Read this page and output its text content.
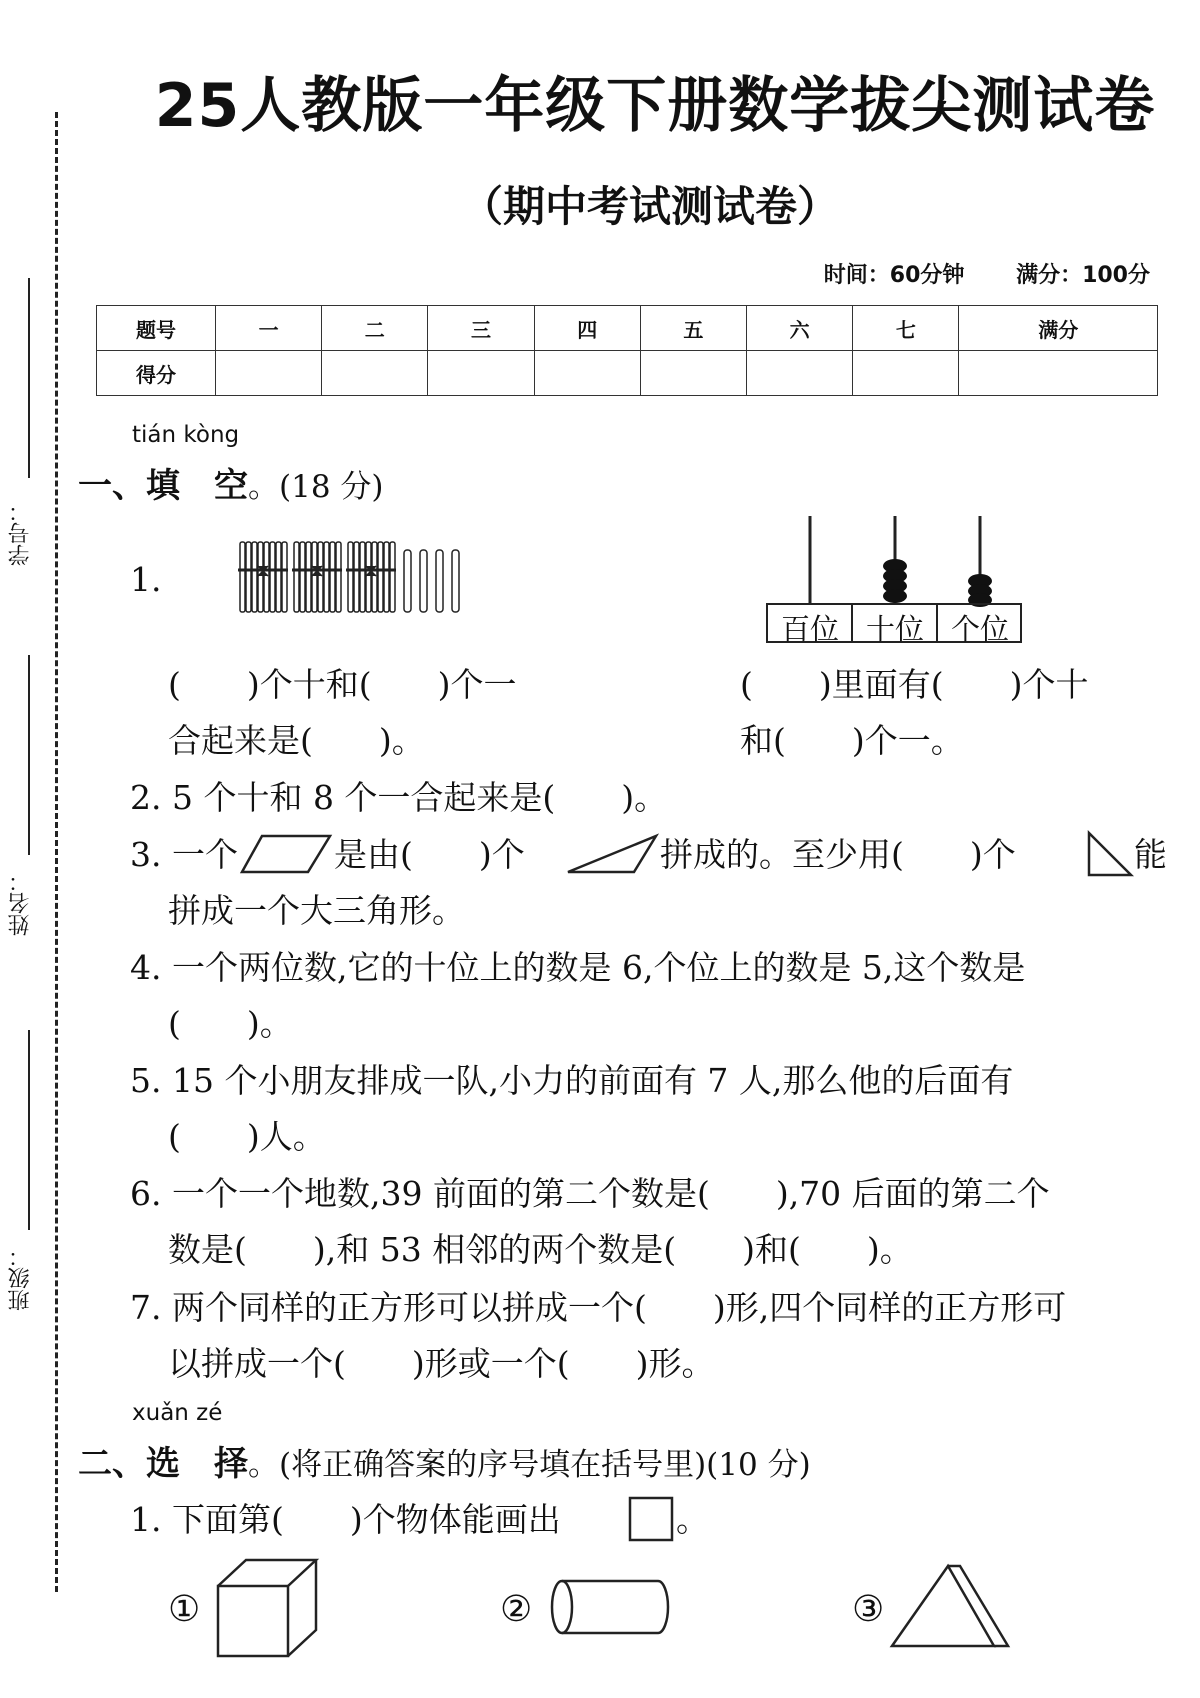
学号：
姓名：
班级：
25人教版一年级下册数学拔尖测试卷
（期中考试测试卷）
时间：60分钟 满分：100分
题号	一	二	三	四	五	六	七	满分
得分								
tián kòng
一、填　空。(18 分)
1.
百位 十位 个位
(　　)个十和(　　)个一
合起来是(　　)。
(　　)里面有(　　)个十
和(　　)个一。
2. 5 个十和 8 个一合起来是(　　)。
3. 一个	是由(　　)个	拼成的。至少用(　　)个	能
拼成一个大三角形。
4. 一个两位数,它的十位上的数是 6,个位上的数是 5,这个数是
(　　)。
5. 15 个小朋友排成一队,小力的前面有 7 人,那么他的后面有
(　　)人。
6. 一个一个地数,39 前面的第二个数是(　　),70 后面的第二个
数是(　　),和 53 相邻的两个数是(　　)和(　　)。
7. 两个同样的正方形可以拼成一个(　　)形,四个同样的正方形可
以拼成一个(　　)形或一个(　　)形。
xuǎn zé
二、选　择。(将正确答案的序号填在括号里)(10 分)
1. 下面第(　　)个物体能画出	。
①	②	③
